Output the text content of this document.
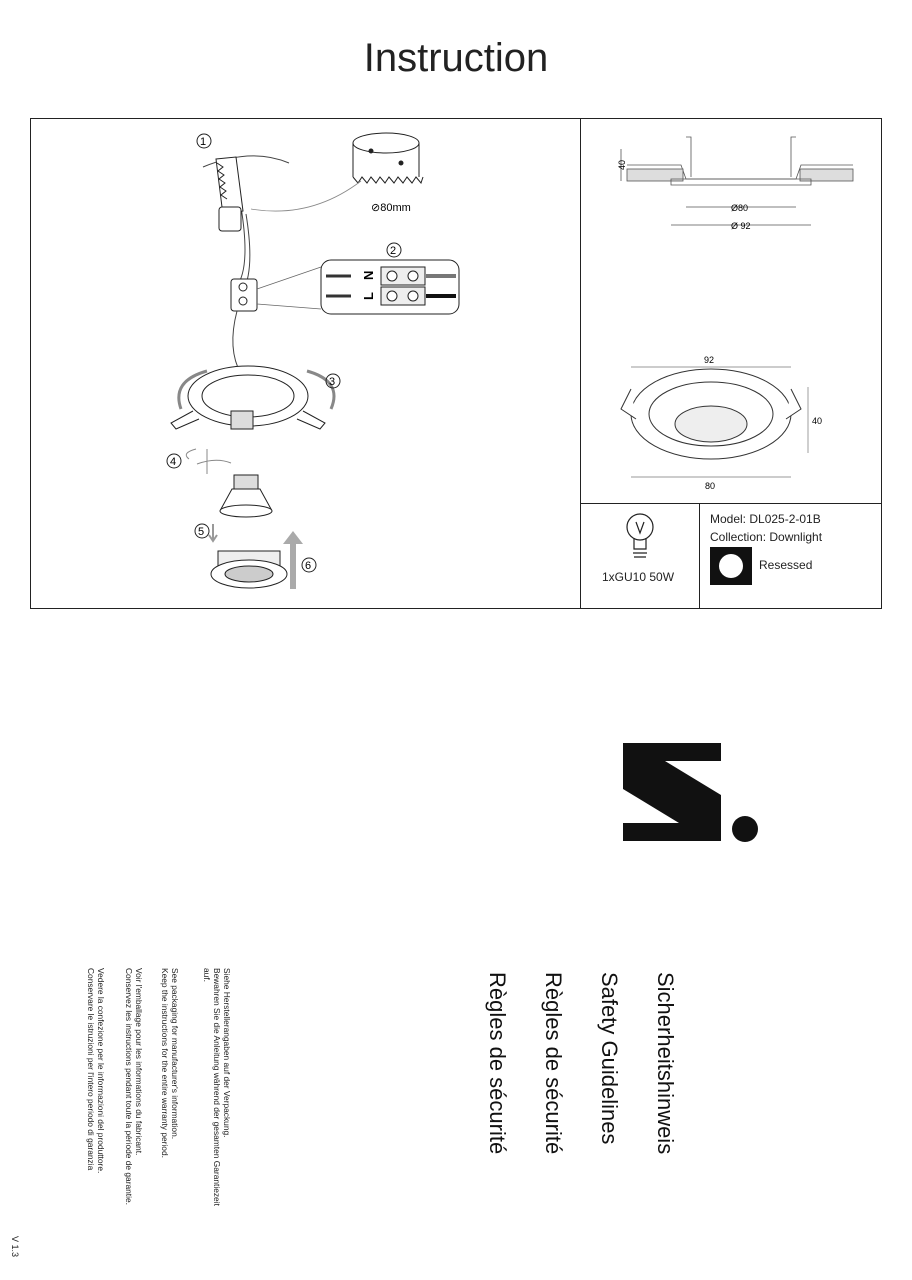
Instruction
1
⊘80mm
N
L
2
3
4
5
6
40
Ø80
Ø 92
92
40
80
1xGU10 50W
Model: DL025-2-01B
Collection: Downlight
Resessed
Sicherheitshinweis
Safety Guidelines
Règles de sécurité
Règles de sécurité
Siehe Herstellerangaben auf der Verpackung.
Bewahren Sie die Anleitung während der gesamten Garantiezeit
auf.
See packaging for manufacturer's information.
Keep the instructions for the entire warranty period.
Voir l'emballage pour les informations du fabricant.
Conservez les instructions pendant toute la période de garantie.
Vedere la confezione per le informazioni del produttore.
Conservare le istruzioni per l'intero periodo di garanzia
V 1.3
